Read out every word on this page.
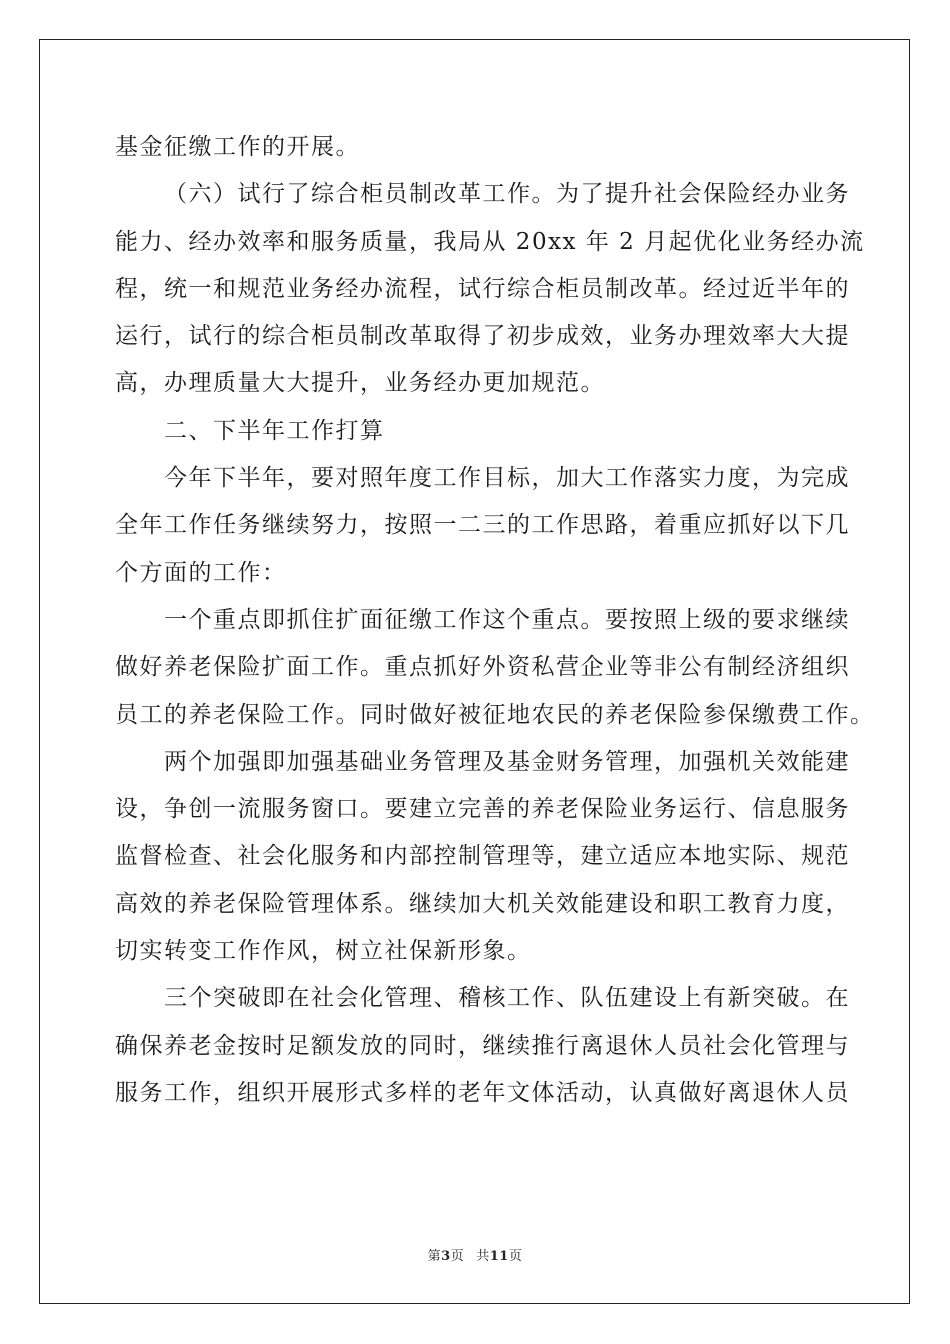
基金征缴工作的开展。
（六）试行了综合柜员制改革工作。为了提升社会保险经办业务
能力、经办效率和服务质量，我局从 20xx 年 2 月起优化业务经办流
程，统一和规范业务经办流程，试行综合柜员制改革。经过近半年的
运行，试行的综合柜员制改革取得了初步成效，业务办理效率大大提
高，办理质量大大提升，业务经办更加规范。
二、下半年工作打算
今年下半年，要对照年度工作目标，加大工作落实力度，为完成
全年工作任务继续努力，按照一二三的工作思路，着重应抓好以下几
个方面的工作：
一个重点即抓住扩面征缴工作这个重点。要按照上级的要求继续
做好养老保险扩面工作。重点抓好外资私营企业等非公有制经济组织
员工的养老保险工作。同时做好被征地农民的养老保险参保缴费工作。
两个加强即加强基础业务管理及基金财务管理，加强机关效能建
设，争创一流服务窗口。要建立完善的养老保险业务运行、信息服务
监督检查、社会化服务和内部控制管理等，建立适应本地实际、规范
高效的养老保险管理体系。继续加大机关效能建设和职工教育力度，
切实转变工作作风，树立社保新形象。
三个突破即在社会化管理、稽核工作、队伍建设上有新突破。在
确保养老金按时足额发放的同时，继续推行离退休人员社会化管理与
服务工作，组织开展形式多样的老年文体活动，认真做好离退休人员
第3页 共11页
